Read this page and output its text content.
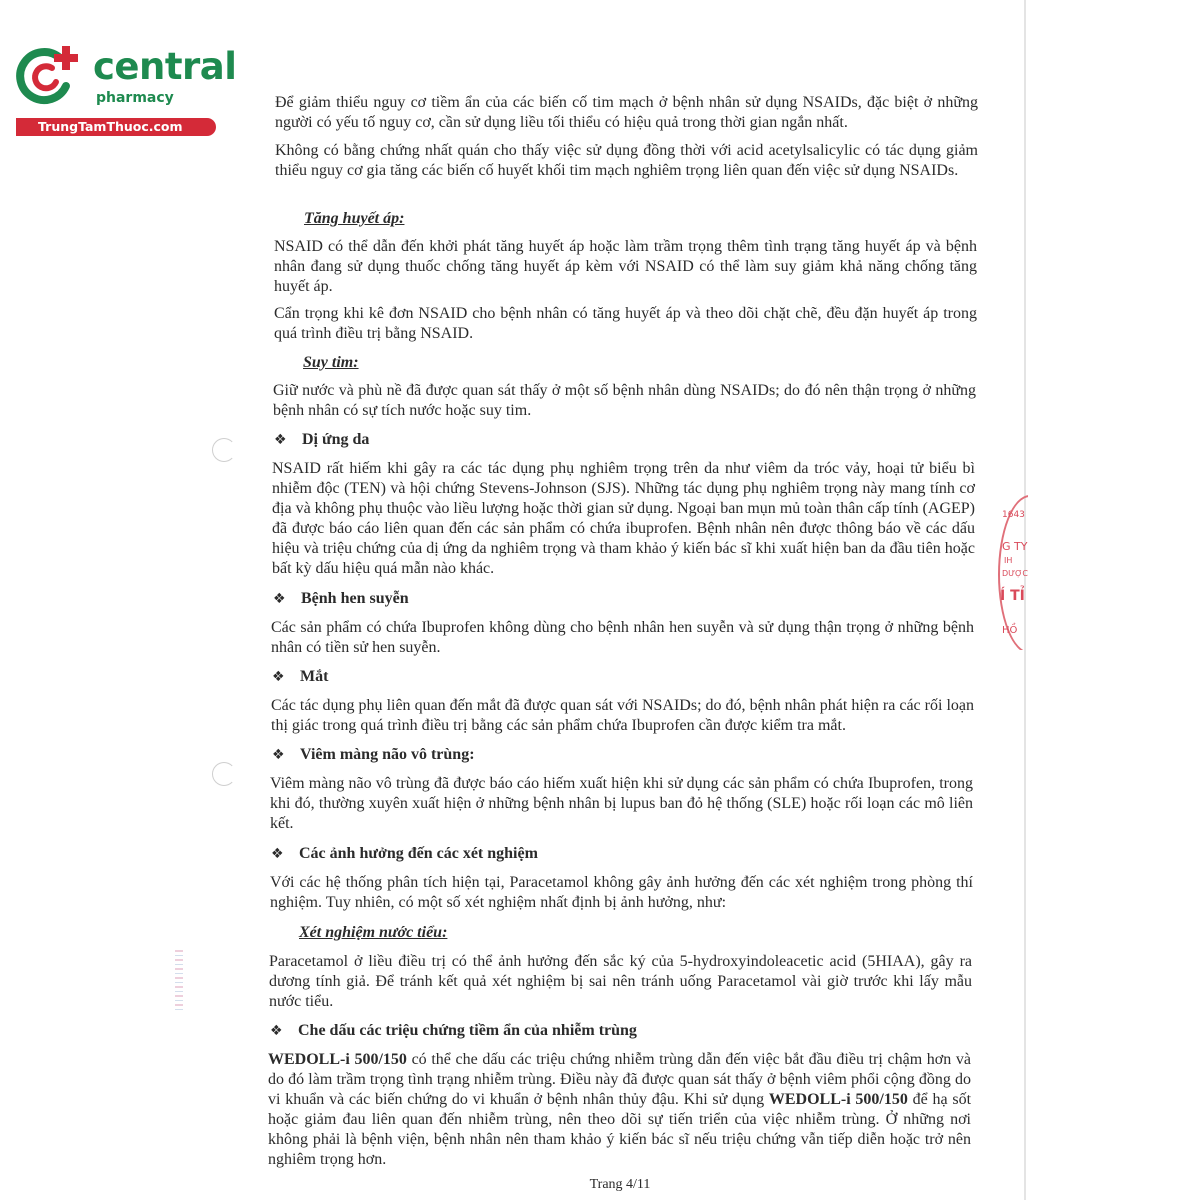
central
pharmacy
TrungTamThuoc.com
1643
G TY
IH
DƯỢC
Í TỈ
HỒ
Để giảm thiểu nguy cơ tiềm ẩn của các biến cố tim mạch ở bệnh nhân sử dụng NSAIDs, đặc biệt ở những người có yếu tố nguy cơ, cần sử dụng liều tối thiểu có hiệu quả trong thời gian ngắn nhất.
Không có bằng chứng nhất quán cho thấy việc sử dụng đồng thời với acid acetylsalicylic có tác dụng giảm thiểu nguy cơ gia tăng các biến cố huyết khối tim mạch nghiêm trọng liên quan đến việc sử dụng NSAIDs.
Tăng huyết áp:
NSAID có thể dẫn đến khởi phát tăng huyết áp hoặc làm trầm trọng thêm tình trạng tăng huyết áp và bệnh nhân đang sử dụng thuốc chống tăng huyết áp kèm với NSAID có thể làm suy giảm khả năng chống tăng huyết áp.
Cẩn trọng khi kê đơn NSAID cho bệnh nhân có tăng huyết áp và theo dõi chặt chẽ, đều đặn huyết áp trong quá trình điều trị bằng NSAID.
Suy tim:
Giữ nước và phù nề đã được quan sát thấy ở một số bệnh nhân dùng NSAIDs; do đó nên thận trọng ở những bệnh nhân có sự tích nước hoặc suy tim.
❖ Dị ứng da
NSAID rất hiếm khi gây ra các tác dụng phụ nghiêm trọng trên da như viêm da tróc vảy, hoại tử biểu bì nhiễm độc (TEN) và hội chứng Stevens-Johnson (SJS). Những tác dụng phụ nghiêm trọng này mang tính cơ địa và không phụ thuộc vào liều lượng hoặc thời gian sử dụng. Ngoại ban mụn mủ toàn thân cấp tính (AGEP) đã được báo cáo liên quan đến các sản phẩm có chứa ibuprofen. Bệnh nhân nên được thông báo về các dấu hiệu và triệu chứng của dị ứng da nghiêm trọng và tham khảo ý kiến bác sĩ khi xuất hiện ban da đầu tiên hoặc bất kỳ dấu hiệu quá mẫn nào khác.
❖ Bệnh hen suyễn
Các sản phẩm có chứa Ibuprofen không dùng cho bệnh nhân hen suyễn và sử dụng thận trọng ở những bệnh nhân có tiền sử hen suyễn.
❖ Mắt
Các tác dụng phụ liên quan đến mắt đã được quan sát với NSAIDs; do đó, bệnh nhân phát hiện ra các rối loạn thị giác trong quá trình điều trị bằng các sản phẩm chứa Ibuprofen cần được kiểm tra mắt.
❖ Viêm màng não vô trùng:
Viêm màng não vô trùng đã được báo cáo hiếm xuất hiện khi sử dụng các sản phẩm có chứa Ibuprofen, trong khi đó, thường xuyên xuất hiện ở những bệnh nhân bị lupus ban đỏ hệ thống (SLE) hoặc rối loạn các mô liên kết.
❖ Các ảnh hưởng đến các xét nghiệm
Với các hệ thống phân tích hiện tại, Paracetamol không gây ảnh hưởng đến các xét nghiệm trong phòng thí nghiệm. Tuy nhiên, có một số xét nghiệm nhất định bị ảnh hưởng, như:
Xét nghiệm nước tiểu:
Paracetamol ở liều điều trị có thể ảnh hưởng đến sắc ký của 5-hydroxyindoleacetic acid (5HIAA), gây ra dương tính giả. Để tránh kết quả xét nghiệm bị sai nên tránh uống Paracetamol vài giờ trước khi lấy mẫu nước tiểu.
❖ Che dấu các triệu chứng tiềm ẩn của nhiễm trùng
WEDOLL-i 500/150 có thể che dấu các triệu chứng nhiễm trùng dẫn đến việc bắt đầu điều trị chậm hơn và do đó làm trầm trọng tình trạng nhiễm trùng. Điều này đã được quan sát thấy ở bệnh viêm phổi cộng đồng do vi khuẩn và các biến chứng do vi khuẩn ở bệnh nhân thủy đậu. Khi sử dụng WEDOLL-i 500/150 để hạ sốt hoặc giảm đau liên quan đến nhiễm trùng, nên theo dõi sự tiến triển của việc nhiễm trùng. Ở những nơi không phải là bệnh viện, bệnh nhân nên tham khảo ý kiến bác sĩ nếu triệu chứng vẫn tiếp diễn hoặc trở nên nghiêm trọng hơn.
Trang 4/11
